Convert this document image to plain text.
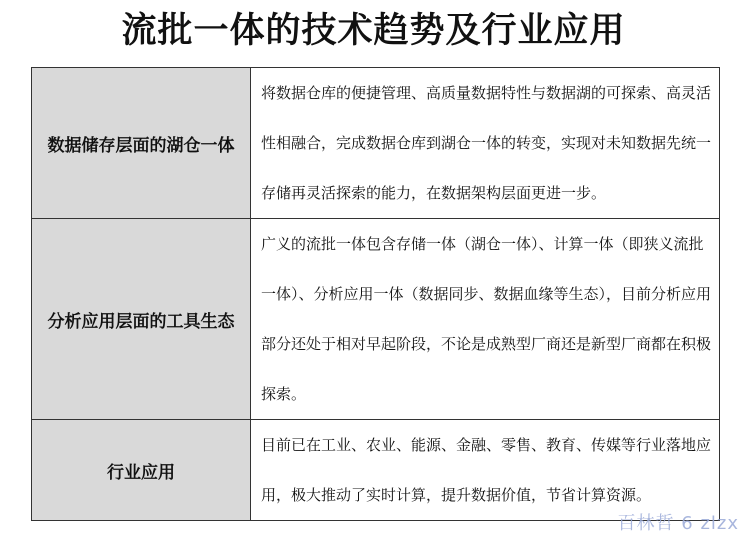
流批一体的技术趋势及行业应用
数据储存层面的湖仓一体	将数据仓库的便捷管理、高质量数据特性与数据湖的可探索、高灵活性相融合，完成数据仓库到湖仓一体的转变，实现对未知数据先统一存储再灵活探索的能力，在数据架构层面更进一步。
分析应用层面的工具生态	广义的流批一体包含存储一体（湖仓一体）、计算一体（即狭义流批一体）、分析应用一体（数据同步、数据血缘等生态），目前分析应用部分还处于相对早起阶段，不论是成熟型厂商还是新型厂商都在积极探索。
行业应用	目前已在工业、农业、能源、金融、零售、教育、传媒等行业落地应用，极大推动了实时计算，提升数据价值，节省计算资源。
百林哲 6 zlzx
